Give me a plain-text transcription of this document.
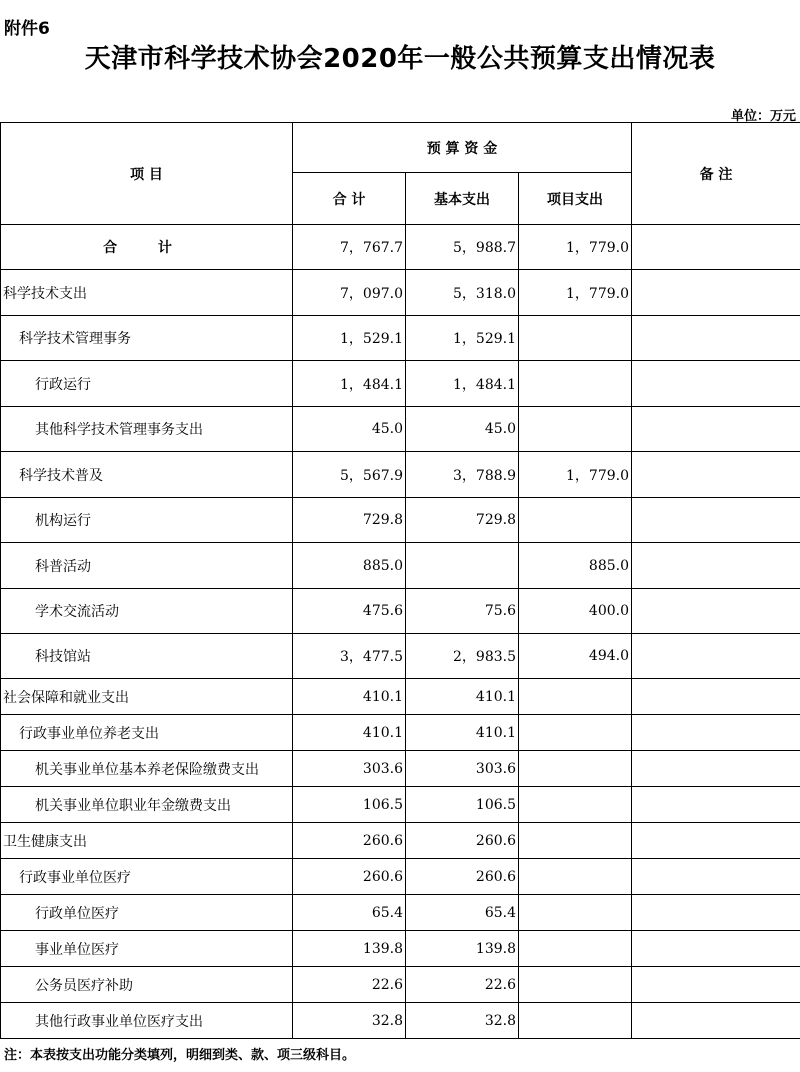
附件6
天津市科学技术协会2020年一般公共预算支出情况表
单位：万元
项 目	预 算 资 金			备 注
	合 计	基本支出	项目支出	
合 计	7，767.7	5，988.7	1，779.0	
科学技术支出	7，097.0	5，318.0	1，779.0	
科学技术管理事务	1，529.1	1，529.1		
行政运行	1，484.1	1，484.1		
其他科学技术管理事务支出	45.0	45.0		
科学技术普及	5，567.9	3，788.9	1，779.0	
机构运行	729.8	729.8		
科普活动	885.0		885.0	
学术交流活动	475.6	75.6	400.0	
科技馆站	3，477.5	2，983.5	494.0	
社会保障和就业支出	410.1	410.1		
行政事业单位养老支出	410.1	410.1		
机关事业单位基本养老保险缴费支出	303.6	303.6		
机关事业单位职业年金缴费支出	106.5	106.5		
卫生健康支出	260.6	260.6		
行政事业单位医疗	260.6	260.6		
行政单位医疗	65.4	65.4		
事业单位医疗	139.8	139.8		
公务员医疗补助	22.6	22.6		
其他行政事业单位医疗支出	32.8	32.8		
注：本表按支出功能分类填列，明细到类、款、项三级科目。
